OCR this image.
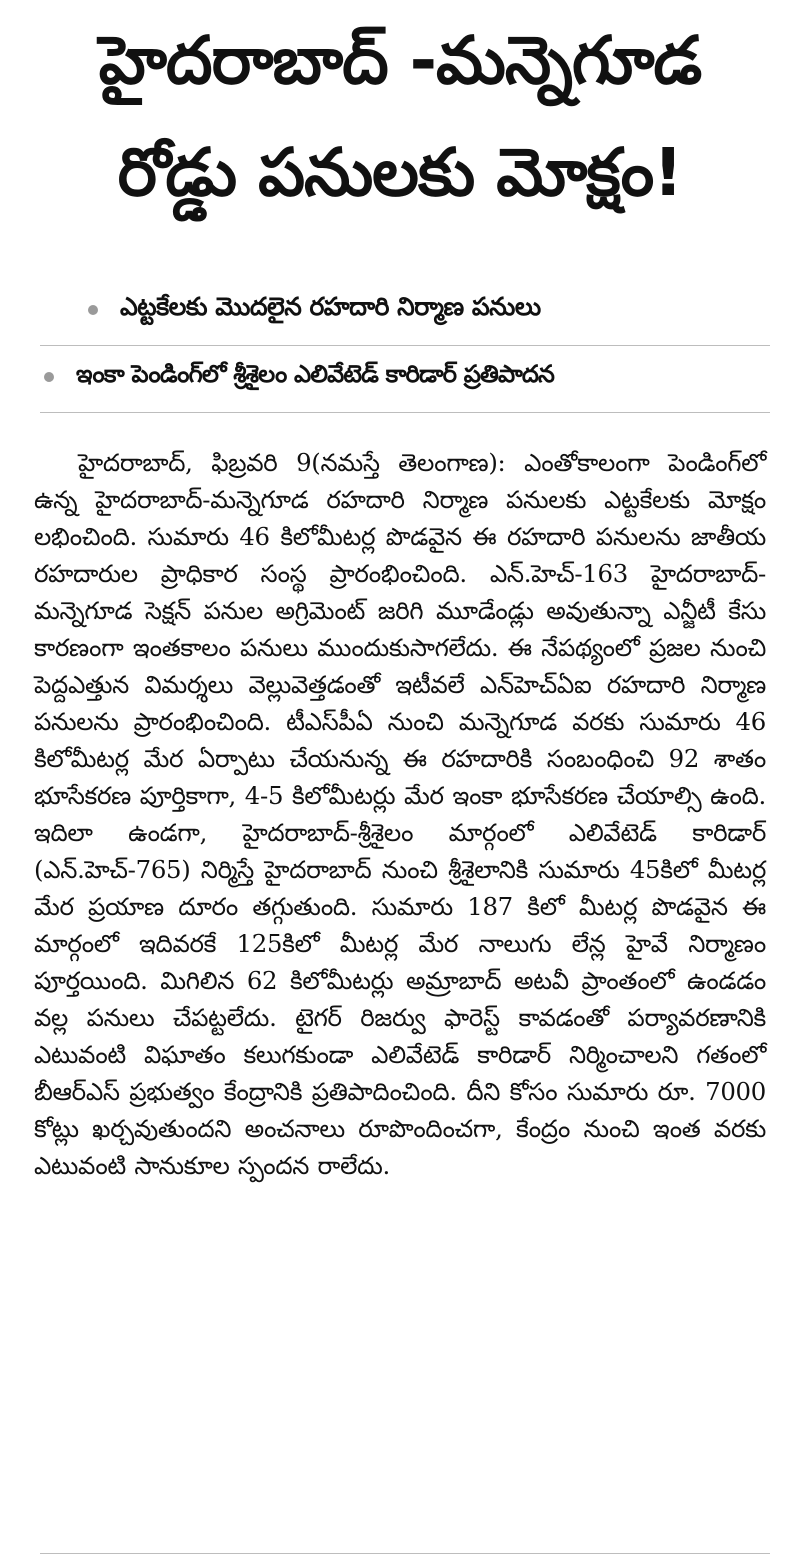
హైదరాబాద్ -మన్నెగూడ
రోడ్డు పనులకు మోక్షం!
ఎట్టకేలకు మొదలైన రహదారి నిర్మాణ పనులు
ఇంకా పెండింగ్‌లో శ్రీశైలం ఎలివేటెడ్ కారిడార్ ప్రతిపాదన

హైదరాబాద్, ఫిబ్రవరి 9(నమస్తే తెలంగాణ): ఎంతోకాలంగా పెండింగ్‌లో ఉన్న హైదరాబాద్-మన్నెగూడ రహదారి నిర్మాణ పనులకు ఎట్టకేలకు మోక్షం లభించింది. సుమారు 46 కిలోమీటర్ల పొడవైన ఈ రహదారి పనులను జాతీయ రహదారుల ప్రాధికార సంస్థ ప్రారంభించింది. ఎన్.హెచ్-163 హైదరాబాద్-మన్నెగూడ సెక్షన్ పనుల అగ్రిమెంట్ జరిగి మూడేండ్లు అవుతున్నా ఎన్జీటీ కేసు కారణంగా ఇంతకాలం పనులు ముందుకుసాగలేదు. ఈ నేపథ్యంలో ప్రజల నుంచి పెద్దఎత్తున విమర్శలు వెల్లువెత్తడంతో ఇటీవలే ఎన్‌హెచ్‌ఏఐ రహదారి నిర్మాణ పనులను ప్రారంభించింది. టీఎస్‌పీఏ నుంచి మన్నెగూడ వరకు సుమారు 46 కిలోమీటర్ల మేర ఏర్పాటు చేయనున్న ఈ రహదారికి సంబంధించి 92 శాతం భూసేకరణ పూర్తికాగా, 4-5 కిలోమీటర్లు మేర ఇంకా భూసేకరణ చేయాల్సి ఉంది. ఇదిలా ఉండగా, హైదరాబాద్-శ్రీశైలం మార్గంలో ఎలివేటెడ్ కారిడార్ (ఎన్.హెచ్-765) నిర్మిస్తే హైదరాబాద్ నుంచి శ్రీశైలానికి సుమారు 45కిలో మీటర్ల మేర ప్రయాణ దూరం తగ్గుతుంది. సుమారు 187 కిలో మీటర్ల పొడవైన ఈ మార్గంలో ఇదివరకే 125కిలో మీటర్ల మేర నాలుగు లేన్ల హైవే నిర్మాణం పూర్తయింది. మిగిలిన 62 కిలోమీటర్లు అమ్రాబాద్ అటవీ ప్రాంతంలో ఉండడం వల్ల పనులు చేపట్టలేదు. టైగర్ రిజర్వు ఫారెస్ట్ కావడంతో పర్యావరణానికి ఎటువంటి విఘాతం కలుగకుండా ఎలివేటెడ్ కారిడార్ నిర్మించాలని గతంలో బీఆర్ఎస్ ప్రభుత్వం కేంద్రానికి ప్రతిపాదించింది. దీని కోసం సుమారు రూ. 7000 కోట్లు ఖర్చవుతుందని అంచనాలు రూపొందించగా, కేంద్రం నుంచి ఇంత వరకు ఎటువంటి సానుకూల స్పందన రాలేదు.
